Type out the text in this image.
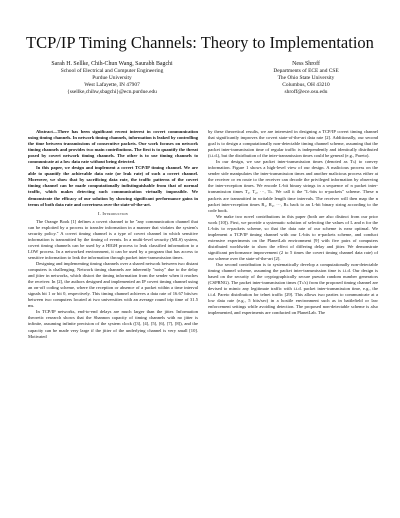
TCP/IP Timing Channels: Theory to Implementation
Sarah H. Sellke, Chih-Chun Wang, Saurabh Bagchi
School of Electrical and Computer Engineering
Purdue University
West Lafayette, IN 47907
{ssellke,chihw,sbagchi}@ecn.purdue.edu
Ness Shroff
Departments of ECE and CSE
The Ohio State University
Columbus, OH 43210
shroff@ece.osu.edu

Abstract—There has been significant recent interest in covert communication using timing channels. In network timing channels, information is leaked by controlling the time between transmissions of consecutive packets. Our work focuses on network timing channels and provides two main contributions. The first is to quantify the threat posed by covert network timing channels. The other is to use timing channels to communicate at a low data rate without being detected.

In this paper, we design and implement a covert TCP/IP timing channel. We are able to quantify the achievable data rate (or leak rate) of such a covert channel. Moreover, we show that by sacrificing data rate, the traffic patterns of the covert timing channel can be made computationally indistinguishable from that of normal traffic, which makes detecting such communication virtually impossible. We demonstrate the efficacy of our solution by showing significant performance gains in terms of both data rate and covertness over the state-of-the-art.

I. Introduction

The Orange Book [1] defines a covert channel to be "any communication channel that can be exploited by a process to transfer information in a manner that violates the system's security policy." A covert timing channel is a type of covert channel in which sensitive information is transmitted by the timing of events. In a multi-level security (MLS) system, covert timing channels can be used by a HIGH process to leak classified information to a LOW process. In a networked environment, it can be used by a program that has access to sensitive information to leak the information through packet inter-transmission times.

Designing and implementing timing channels over a shared network between two distant computers is challenging. Network timing channels are inherently "noisy" due to the delay and jitter in networks, which distort the timing information from the sender when it reaches the receiver. In [2], the authors designed and implemented an IP covert timing channel using an on-off coding scheme, where the reception or absence of a packet within a time interval signals bit 1 or bit 0, respectively. This timing channel achieves a data rate of 16.67 bits/sec between two computers located at two universities with an average round trip time of 31.5 ms.

In TCP/IP networks, end-to-end delays are much larger than the jitter. Information theoretic research shows that the Shannon capacity of timing channels with no jitter is infinite, assuming infinite precision of the system clock ([3], [4], [5], [6], [7], [8]), and the capacity can be made very large if the jitter of the underlying channel is very small [10]. Motivated

by these theoretical results, we are interested in designing a TCP/IP covert timing channel that significantly improves the covert state-of-the-art data rate [2]. Additionally, our second goal is to design a computationally non-detectable timing channel scheme, assuming that the packet inter-transmission time of regular traffic is independently and identically distributed (i.i.d.), but the distribution of the inter-transmission times could be general (e.g., Pareto).

In our design, we use packet inter-transmission times (denoted as Tₙ) to convey information. Figure 1 shows a high-level view of our design. A malicious process on the sender side manipulates the inter-transmission times and another malicious process either at the receiver or en route to the receiver can decode the privileged information by observing the inter-reception times. We encode L-bit binary strings in a sequence of n packet inter-transmission times T₁, T₂, ···, Tₙ. We call it the "L-bits to n-packets" scheme. These n packets are transmitted in writable length time intervals. The receiver will then map the n packet inter-reception times R₁, R₂, ···, Rₙ back to an L-bit binary string according to the code book.

We make two novel contributions in this paper (both are also distinct from our prior work [10]). First, we provide a systematic solution of selecting the values of L and n for the L-bits to n-packets scheme, so that the data rate of our scheme is near optimal. We implement a TCP/IP timing channel with our L-bits to n-packets scheme, and conduct extensive experiments on the PlanetLab environment [9] with five pairs of computers distributed worldwide to show the effect of differing delay and jitter. We demonstrate significant performance improvement (2 to 5 times the covert timing channel data rate) of our scheme over the state-of-the-art [2].

Our second contribution is to systematically develop a computationally non-detectable timing channel scheme, assuming the packet inter-transmission time is i.i.d. Our design is based on the security of the cryptographically secure pseudo random number generators (CSPRNG). The packet inter-transmission times (Tₙ's) from the proposed timing channel are devised to mimic any legitimate traffic with i.i.d. packet inter-transmission time, e.g., the i.i.d. Pareto distribution for telnet traffic [29]. This allows two parties to communicate at a low data rate (e.g., 5 bits/sec) in a hostile environment such as in battlefield or law enforcement settings while avoiding detection. The proposed non-detectable scheme is also implemented, and experiments are conducted on PlanetLab. The
